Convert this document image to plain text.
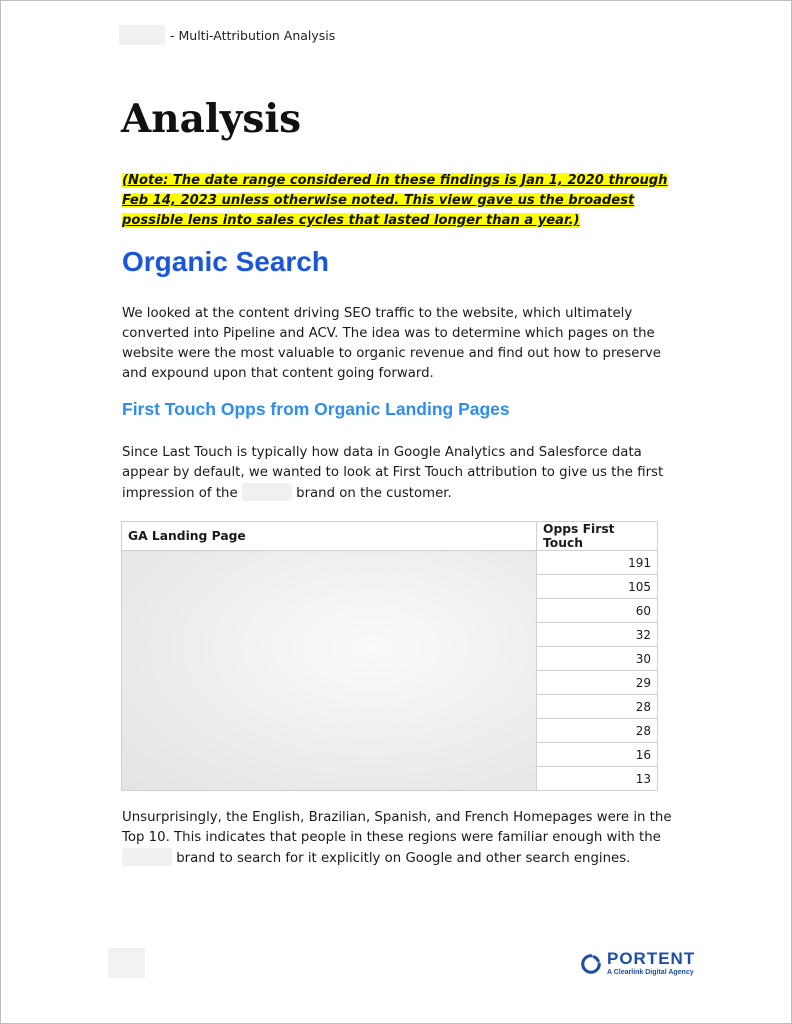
- Multi-Attribution Analysis
Analysis

(Note: The date range considered in these findings is Jan 1, 2020 through Feb 14, 2023 unless otherwise noted. This view gave us the broadest possible lens into sales cycles that lasted longer than a year.)

Organic Search

We looked at the content driving SEO traffic to the website, which ultimately converted into Pipeline and ACV. The idea was to determine which pages on the website were the most valuable to organic revenue and find out how to preserve and expound upon that content going forward.

First Touch Opps from Organic Landing Pages

Since Last Touch is typically how data in Google Analytics and Salesforce data appear by default, we wanted to look at First Touch attribution to give us the first impression of the	brand on the customer.

GA Landing Page	Opps First Touch
	191
	105
	60
	32
	30
	29
	28
	28
	16
	13

Unsurprisingly, the English, Brazilian, Spanish, and French Homepages were in the Top 10. This indicates that people in these regions were familiar enough with the  brand to search for it explicitly on Google and other search engines.

PORTENT
A Clearlink Digital Agency
